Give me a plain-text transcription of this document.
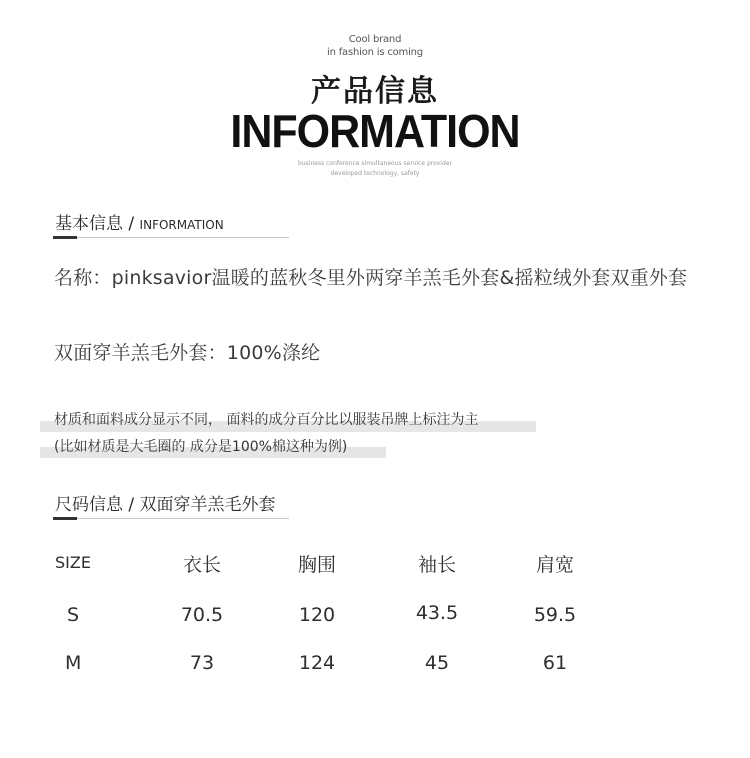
Cool brand
in fashion is coming
产品信息
INFORMATION
business conference simultaneous service provider
developed technology, safety
基本信息 / INFORMATION
名称：pinksavior温暖的蓝秋冬里外两穿羊羔毛外套&摇粒绒外套双重外套
双面穿羊羔毛外套：100%涤纶
材质和面料成分显示不同， 面料的成分百分比以服装吊牌上标注为主
(比如材质是大毛圈的 成分是100%棉这种为例)
尺码信息 / 双面穿羊羔毛外套
SIZE	衣长	胸围	袖长	肩宽
S	70.5	120	43.5	59.5
M	73	124	45	61
